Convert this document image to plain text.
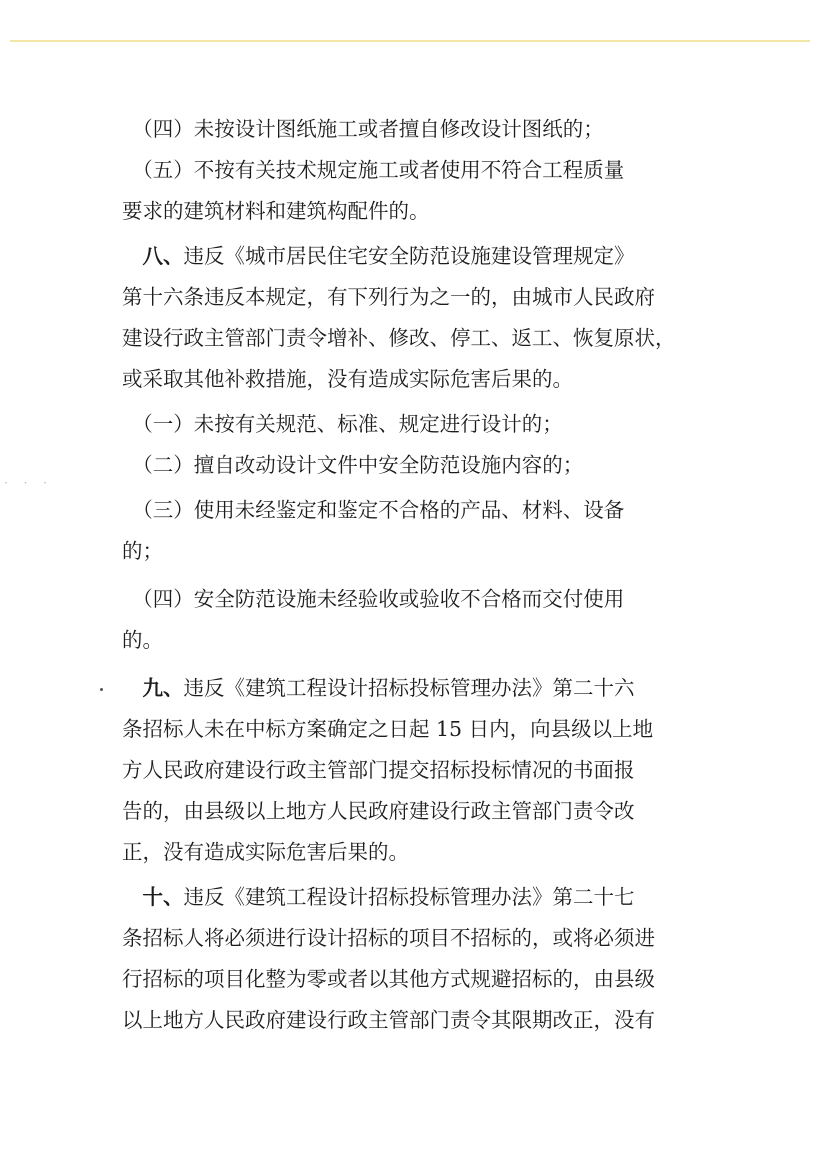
· · ·

　（四）未按设计图纸施工或者擅自修改设计图纸的；

　（五）不按有关技术规定施工或者使用不符合工程质量
要求的建筑材料和建筑构配件的。

　八、违反《城市居民住宅安全防范设施建设管理规定》
第十六条违反本规定，有下列行为之一的，由城市人民政府
建设行政主管部门责令增补、修改、停工、返工、恢复原状，
或采取其他补救措施，没有造成实际危害后果的。

　（一）未按有关规范、标准、规定进行设计的；

　（二）擅自改动设计文件中安全防范设施内容的；

　（三）使用未经鉴定和鉴定不合格的产品、材料、设备
的；

　（四）安全防范设施未经验收或验收不合格而交付使用
的。

　九、违反《建筑工程设计招标投标管理办法》第二十六
条招标人未在中标方案确定之日起 15 日内，向县级以上地
方人民政府建设行政主管部门提交招标投标情况的书面报
告的，由县级以上地方人民政府建设行政主管部门责令改
正，没有造成实际危害后果的。

　十、违反《建筑工程设计招标投标管理办法》第二十七
条招标人将必须进行设计招标的项目不招标的，或将必须进
行招标的项目化整为零或者以其他方式规避招标的，由县级
以上地方人民政府建设行政主管部门责令其限期改正，没有
